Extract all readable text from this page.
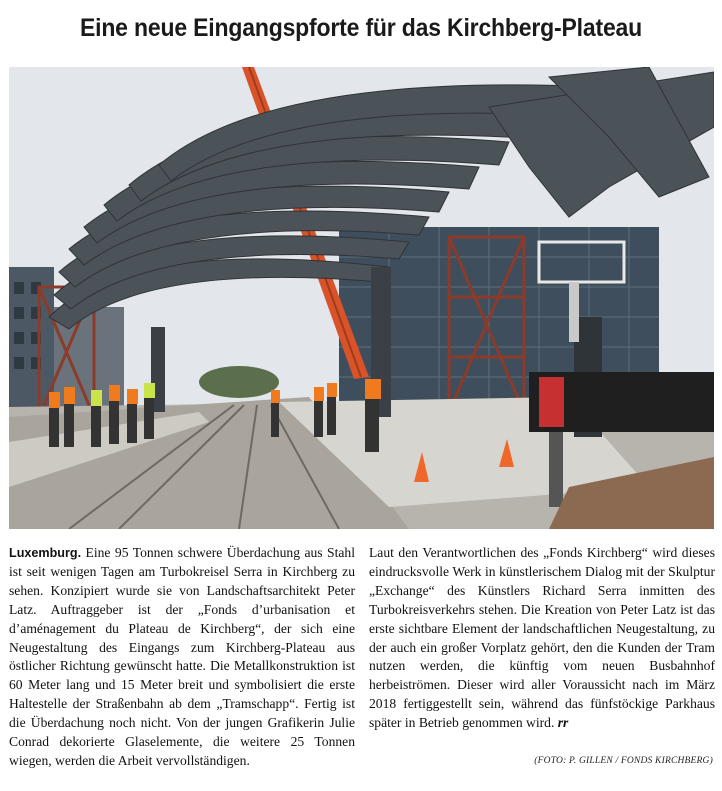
Eine neue Eingangspforte für das Kirchberg-Plateau
Luxemburg. Eine 95 Tonnen schwere Überdachung aus Stahl ist seit wenigen Tagen am Turbokreisel Serra in Kirchberg zu sehen. Konzipiert wurde sie von Landschaftsarchitekt Peter Latz. Auftraggeber ist der „Fonds d’urbanisation et d’aménagement du Plateau de Kirchberg“, der sich eine Neugestaltung des Eingangs zum Kirchberg-Plateau aus östlicher Richtung gewünscht hatte. Die Metallkonstruktion ist 60 Meter lang und 15 Meter breit und symbolisiert die erste Haltestelle der Straßenbahn ab dem „Tramschapp“. Fertig ist die Überdachung noch nicht. Von der jungen Grafikerin Julie Conrad dekorierte Glaselemente, die weitere 25 Tonnen wiegen, werden die Arbeit vervollständigen.
Laut den Verantwortlichen des „Fonds Kirchberg“ wird dieses eindrucksvolle Werk in künstlerischem Dialog mit der Skulptur „Exchange“ des Künstlers Richard Serra inmitten des Turbokreisverkehrs stehen. Die Kreation von Peter Latz ist das erste sichtbare Element der landschaftlichen Neugestaltung, zu der auch ein großer Vorplatz gehört, den die Kunden der Tram nutzen werden, die künftig vom neuen Busbahnhof herbeiströmen. Dieser wird aller Voraussicht nach im März 2018 fertiggestellt sein, während das fünfstöckige Parkhaus später in Betrieb genommen wird. rr
(FOTO: P. GILLEN / FONDS KIRCHBERG)
